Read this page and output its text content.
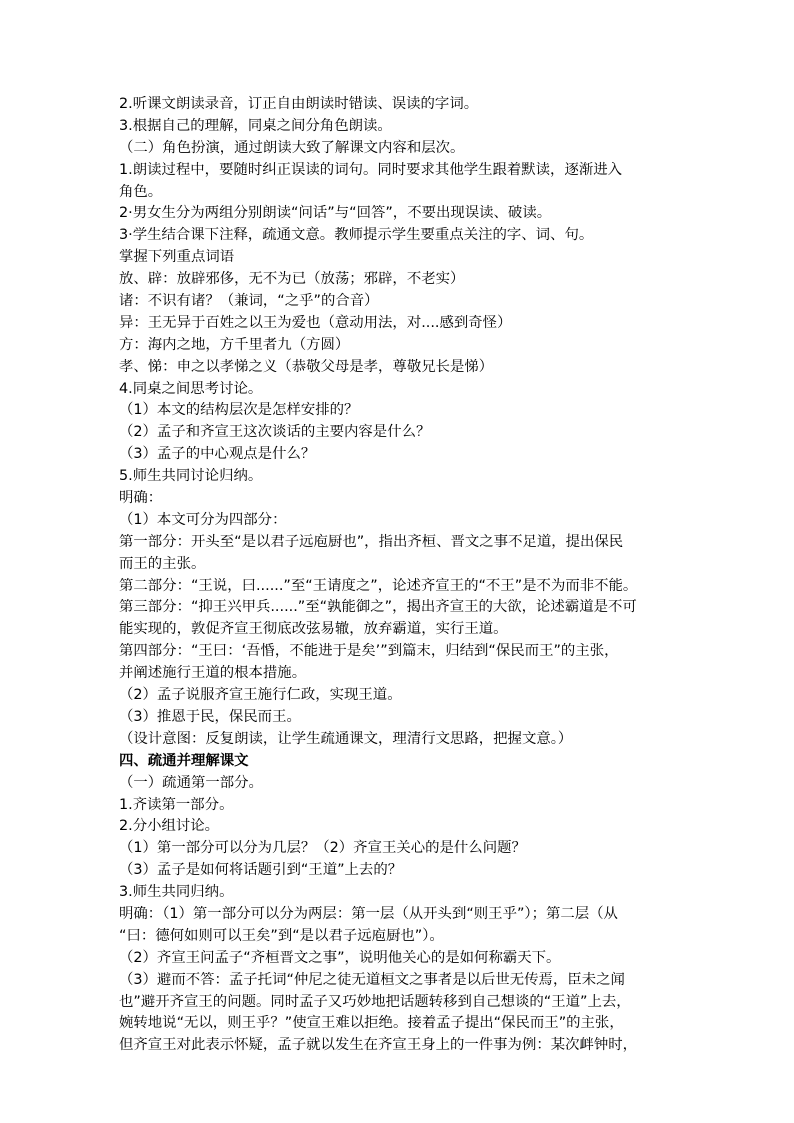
2.听课文朗读录音，订正自由朗读时错读、误读的字词。
3.根据自己的理解，同桌之间分角色朗读。
（二）角色扮演，通过朗读大致了解课文内容和层次。
1.朗读过程中，要随时纠正误读的词句。同时要求其他学生跟着默读，逐渐进入
角色。
2·男女生分为两组分别朗读“问话”与“回答”，不要出现误读、破读。
3·学生结合课下注释，疏通文意。教师提示学生要重点关注的字、词、句。
掌握下列重点词语
放、辟：放辟邪侈，无不为已（放荡；邪辟，不老实）
诸：不识有诸？（兼词，“之乎”的合音）
异：王无异于百姓之以王为爱也（意动用法，对....感到奇怪）
方：海内之地，方千里者九（方圆）
孝、悌：申之以孝悌之义（恭敬父母是孝，尊敬兄长是悌）
4.同桌之间思考讨论。
（1）本文的结构层次是怎样安排的？
（2）孟子和齐宣王这次谈话的主要内容是什么？
（3）孟子的中心观点是什么？
5.师生共同讨论归纳。
明确：
（1）本文可分为四部分：
第一部分：开头至“是以君子远庖厨也”，指出齐桓、晋文之事不足道，提出保民
而王的主张。
第二部分：“王说，曰......”至“王请度之”，论述齐宣王的“不王”是不为而非不能。
第三部分：“抑王兴甲兵......”至“孰能御之”，揭出齐宣王的大欲，论述霸道是不可
能实现的，敦促齐宣王彻底改弦易辙，放弃霸道，实行王道。
第四部分：“王曰：‘吾惛，不能进于是矣’”到篇末，归结到“保民而王”的主张，
并阐述施行王道的根本措施。
（2）孟子说服齐宣王施行仁政，实现王道。
（3）推恩于民，保民而王。
（设计意图：反复朗读，让学生疏通课文，理清行文思路，把握文意。）
四、疏通并理解课文
（一）疏通第一部分。
1.齐读第一部分。
2.分小组讨论。
（1）第一部分可以分为几层？（2）齐宣王关心的是什么问题？
（3）孟子是如何将话题引到“王道”上去的？
3.师生共同归纳。
明确：（1）第一部分可以分为两层：第一层（从开头到“则王乎”）；第二层（从
“曰：德何如则可以王矣”到“是以君子远庖厨也”）。
（2）齐宣王问孟子“齐桓晋文之事”，说明他关心的是如何称霸天下。
（3）避而不答：孟子托词“仲尼之徒无道桓文之事者是以后世无传焉，臣未之闻
也”避开齐宣王的问题。同时孟子又巧妙地把话题转移到自己想谈的“王道”上去，
婉转地说“无以，则王乎？”使宣王难以拒绝。接着孟子提出“保民而王”的主张，
但齐宣王对此表示怀疑，孟子就以发生在齐宣王身上的一件事为例：某次衅钟时，
